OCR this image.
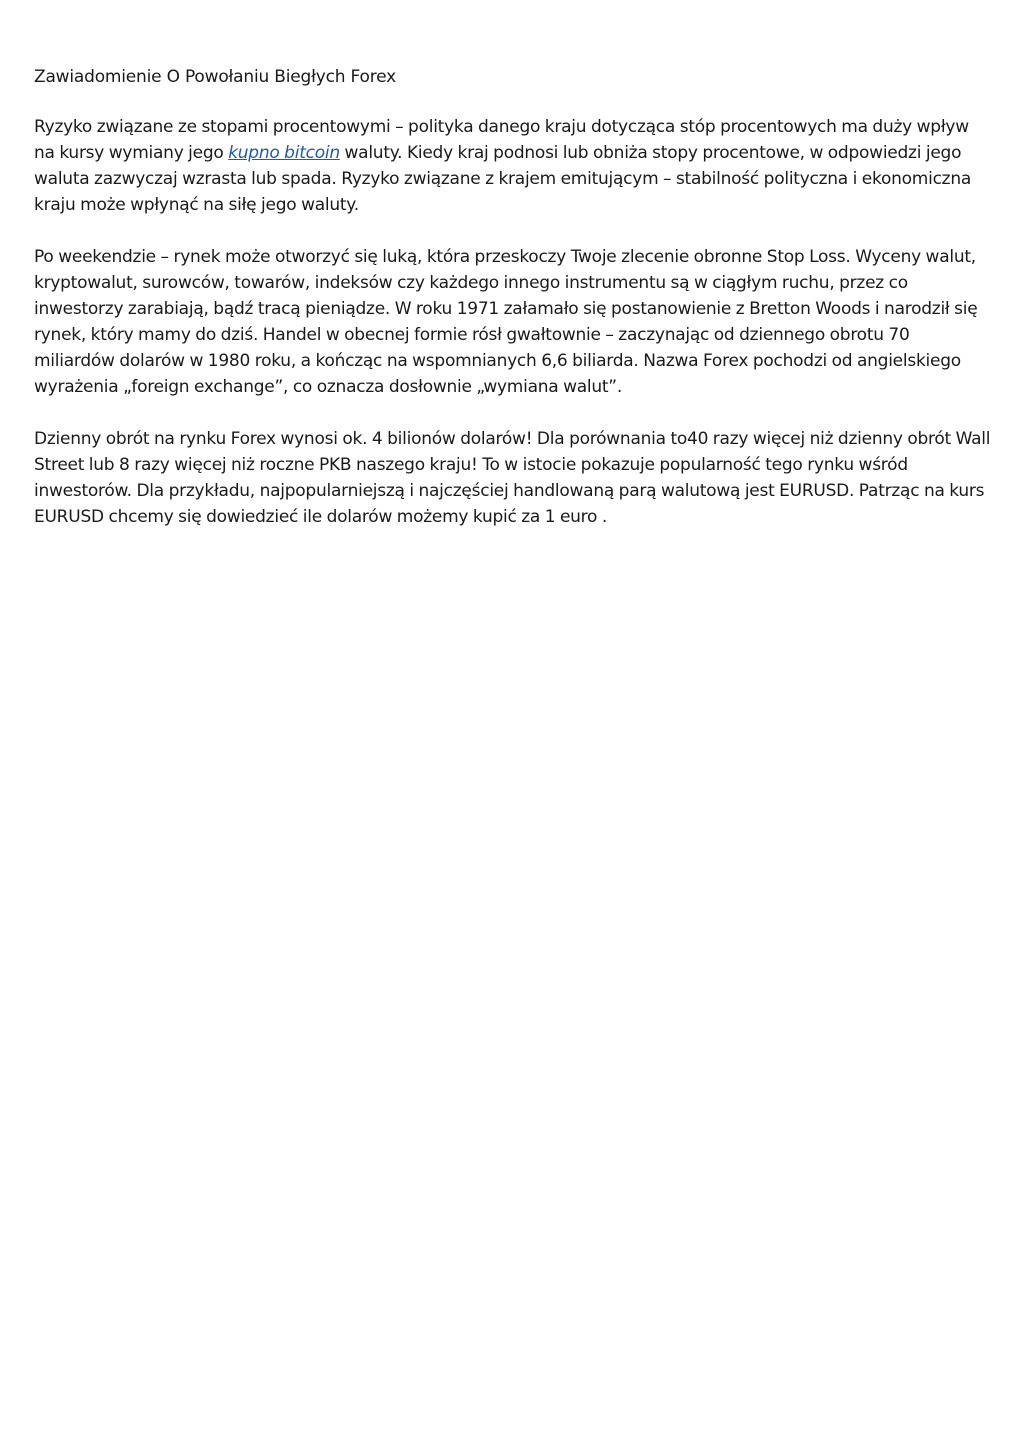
Zawiadomienie O Powołaniu Biegłych Forex

Ryzyko związane ze stopami procentowymi – polityka danego kraju dotycząca stóp procentowych ma duży wpływ na kursy wymiany jego kupno bitcoin waluty. Kiedy kraj podnosi lub obniża stopy procentowe, w odpowiedzi jego waluta zazwyczaj wzrasta lub spada. Ryzyko związane z krajem emitującym – stabilność polityczna i ekonomiczna kraju może wpłynąć na siłę jego waluty.

Po weekendzie – rynek może otworzyć się luką, która przeskoczy Twoje zlecenie obronne Stop Loss. Wyceny walut, kryptowalut, surowców, towarów, indeksów czy każdego innego instrumentu są w ciągłym ruchu, przez co inwestorzy zarabiają, bądź tracą pieniądze. W roku 1971 załamało się postanowienie z Bretton Woods i narodził się rynek, który mamy do dziś. Handel w obecnej formie rósł gwałtownie – zaczynając od dziennego obrotu 70 miliardów dolarów w 1980 roku, a kończąc na wspomnianych 6,6 biliarda. Nazwa Forex pochodzi od angielskiego wyrażenia „foreign exchange”, co oznacza dosłownie „wymiana walut”.

Dzienny obrót na rynku Forex wynosi ok. 4 bilionów dolarów! Dla porównania to40 razy więcej niż dzienny obrót Wall Street lub 8 razy więcej niż roczne PKB naszego kraju! To w istocie pokazuje popularność tego rynku wśród inwestorów. Dla przykładu, najpopularniejszą i najczęściej handlowaną parą walutową jest EURUSD. Patrząc na kurs EURUSD chcemy się dowiedzieć ile dolarów możemy kupić za 1 euro .
